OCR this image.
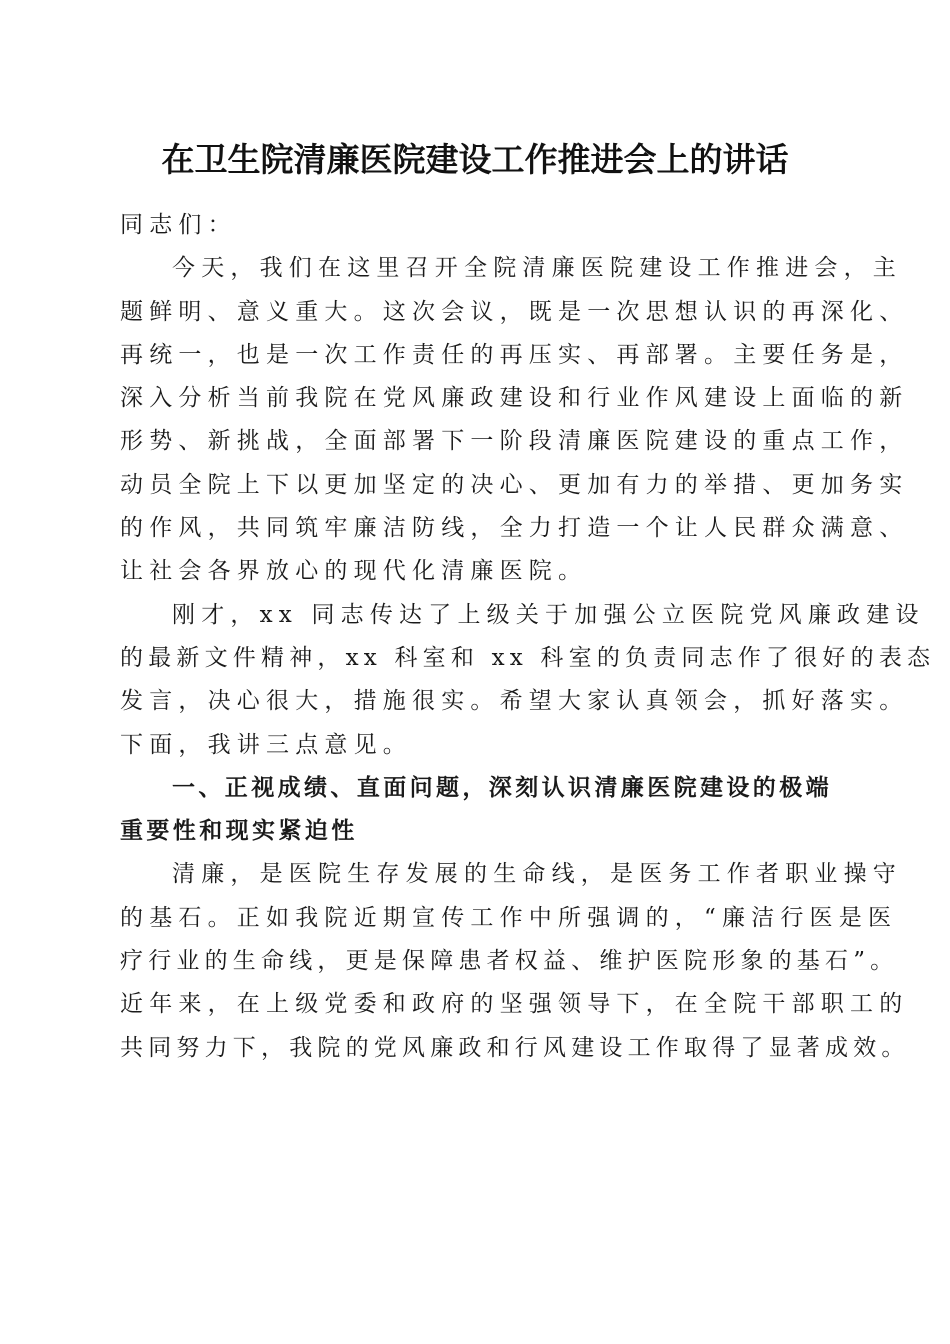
在卫生院清廉医院建设工作推进会上的讲话
同志们：
今天，我们在这里召开全院清廉医院建设工作推进会，主
题鲜明、意义重大。这次会议，既是一次思想认识的再深化、
再统一，也是一次工作责任的再压实、再部署。主要任务是，
深入分析当前我院在党风廉政建设和行业作风建设上面临的新
形势、新挑战，全面部署下一阶段清廉医院建设的重点工作，
动员全院上下以更加坚定的决心、更加有力的举措、更加务实
的作风，共同筑牢廉洁防线，全力打造一个让人民群众满意、
让社会各界放心的现代化清廉医院。
刚才，xx 同志传达了上级关于加强公立医院党风廉政建设
的最新文件精神，xx 科室和 xx 科室的负责同志作了很好的表态
发言，决心很大，措施很实。希望大家认真领会，抓好落实。
下面，我讲三点意见。
一、正视成绩、直面问题，深刻认识清廉医院建设的极端
重要性和现实紧迫性
清廉，是医院生存发展的生命线，是医务工作者职业操守
的基石。正如我院近期宣传工作中所强调的，“廉洁行医是医
疗行业的生命线，更是保障患者权益、维护医院形象的基石”。
近年来，在上级党委和政府的坚强领导下，在全院干部职工的
共同努力下，我院的党风廉政和行风建设工作取得了显著成效。
